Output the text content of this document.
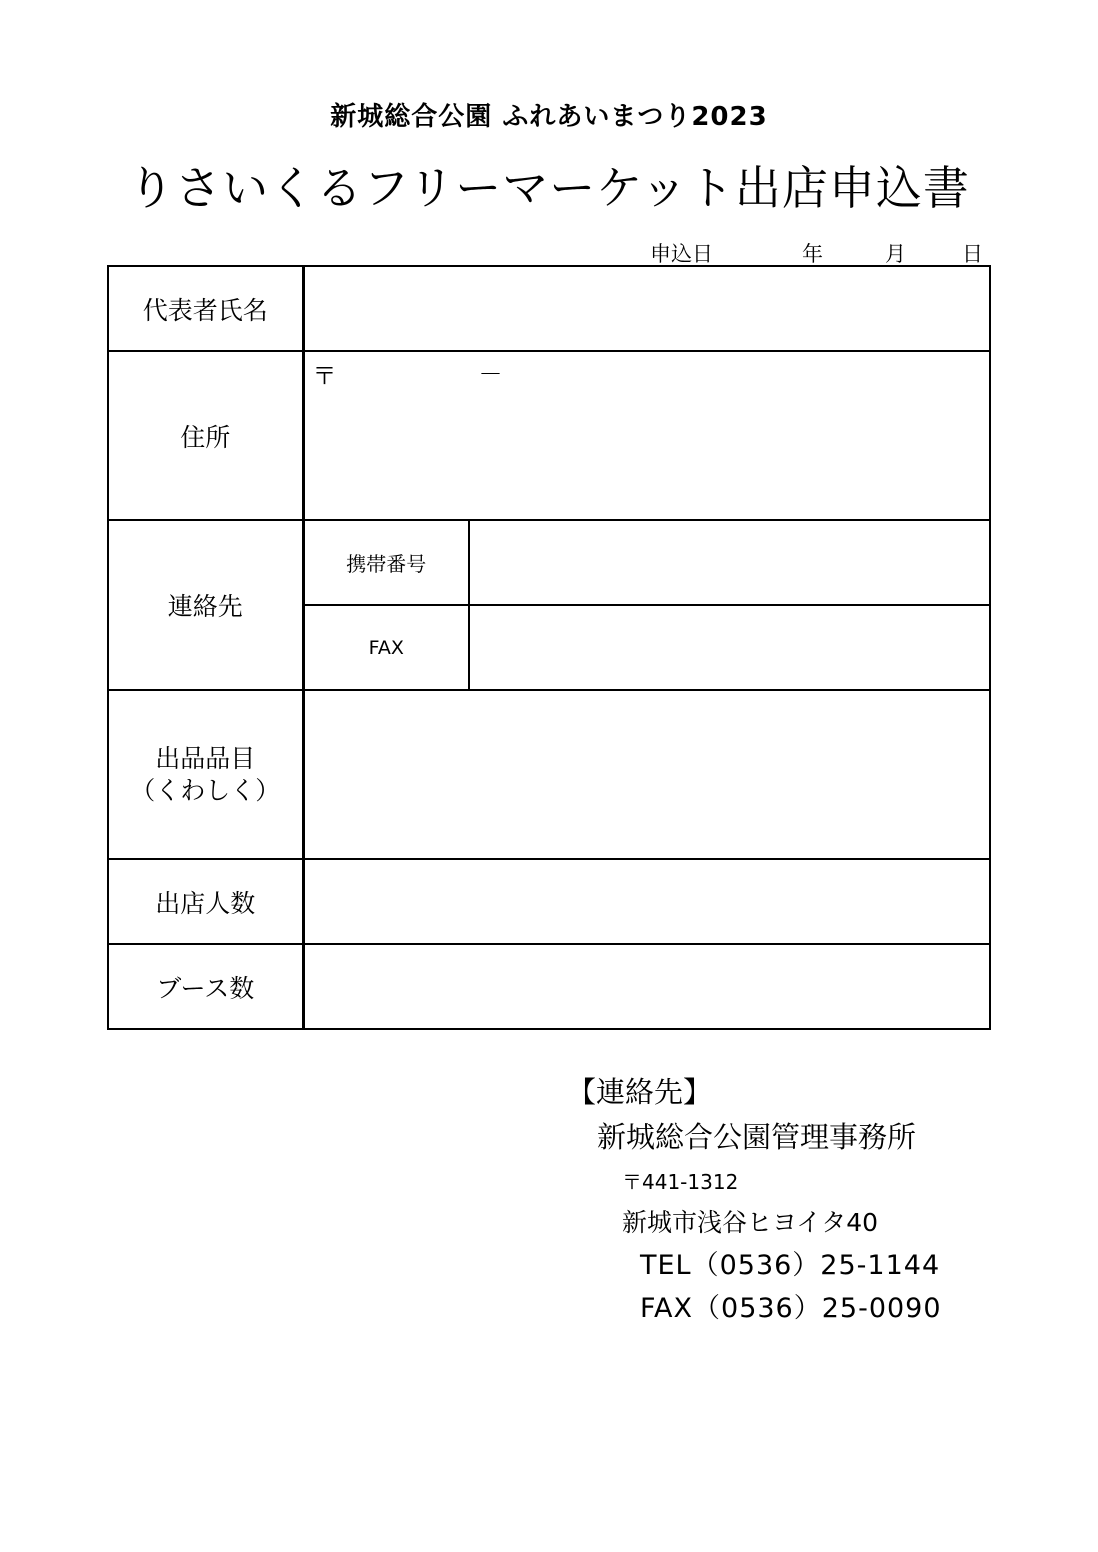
新城総合公園 ふれあいまつり2023
りさいくるフリーマーケット出店申込書
申込日	年	月	日
代表者氏名		
住所	〒 －	

連絡先	携帯番号	
	FAX	

出品品目
（くわしく）		

出店人数		
ブース数		
【連絡先】
新城総合公園管理事務所
〒441-1312
新城市浅谷ヒヨイタ40
TEL（0536）25-1144
FAX（0536）25-0090
